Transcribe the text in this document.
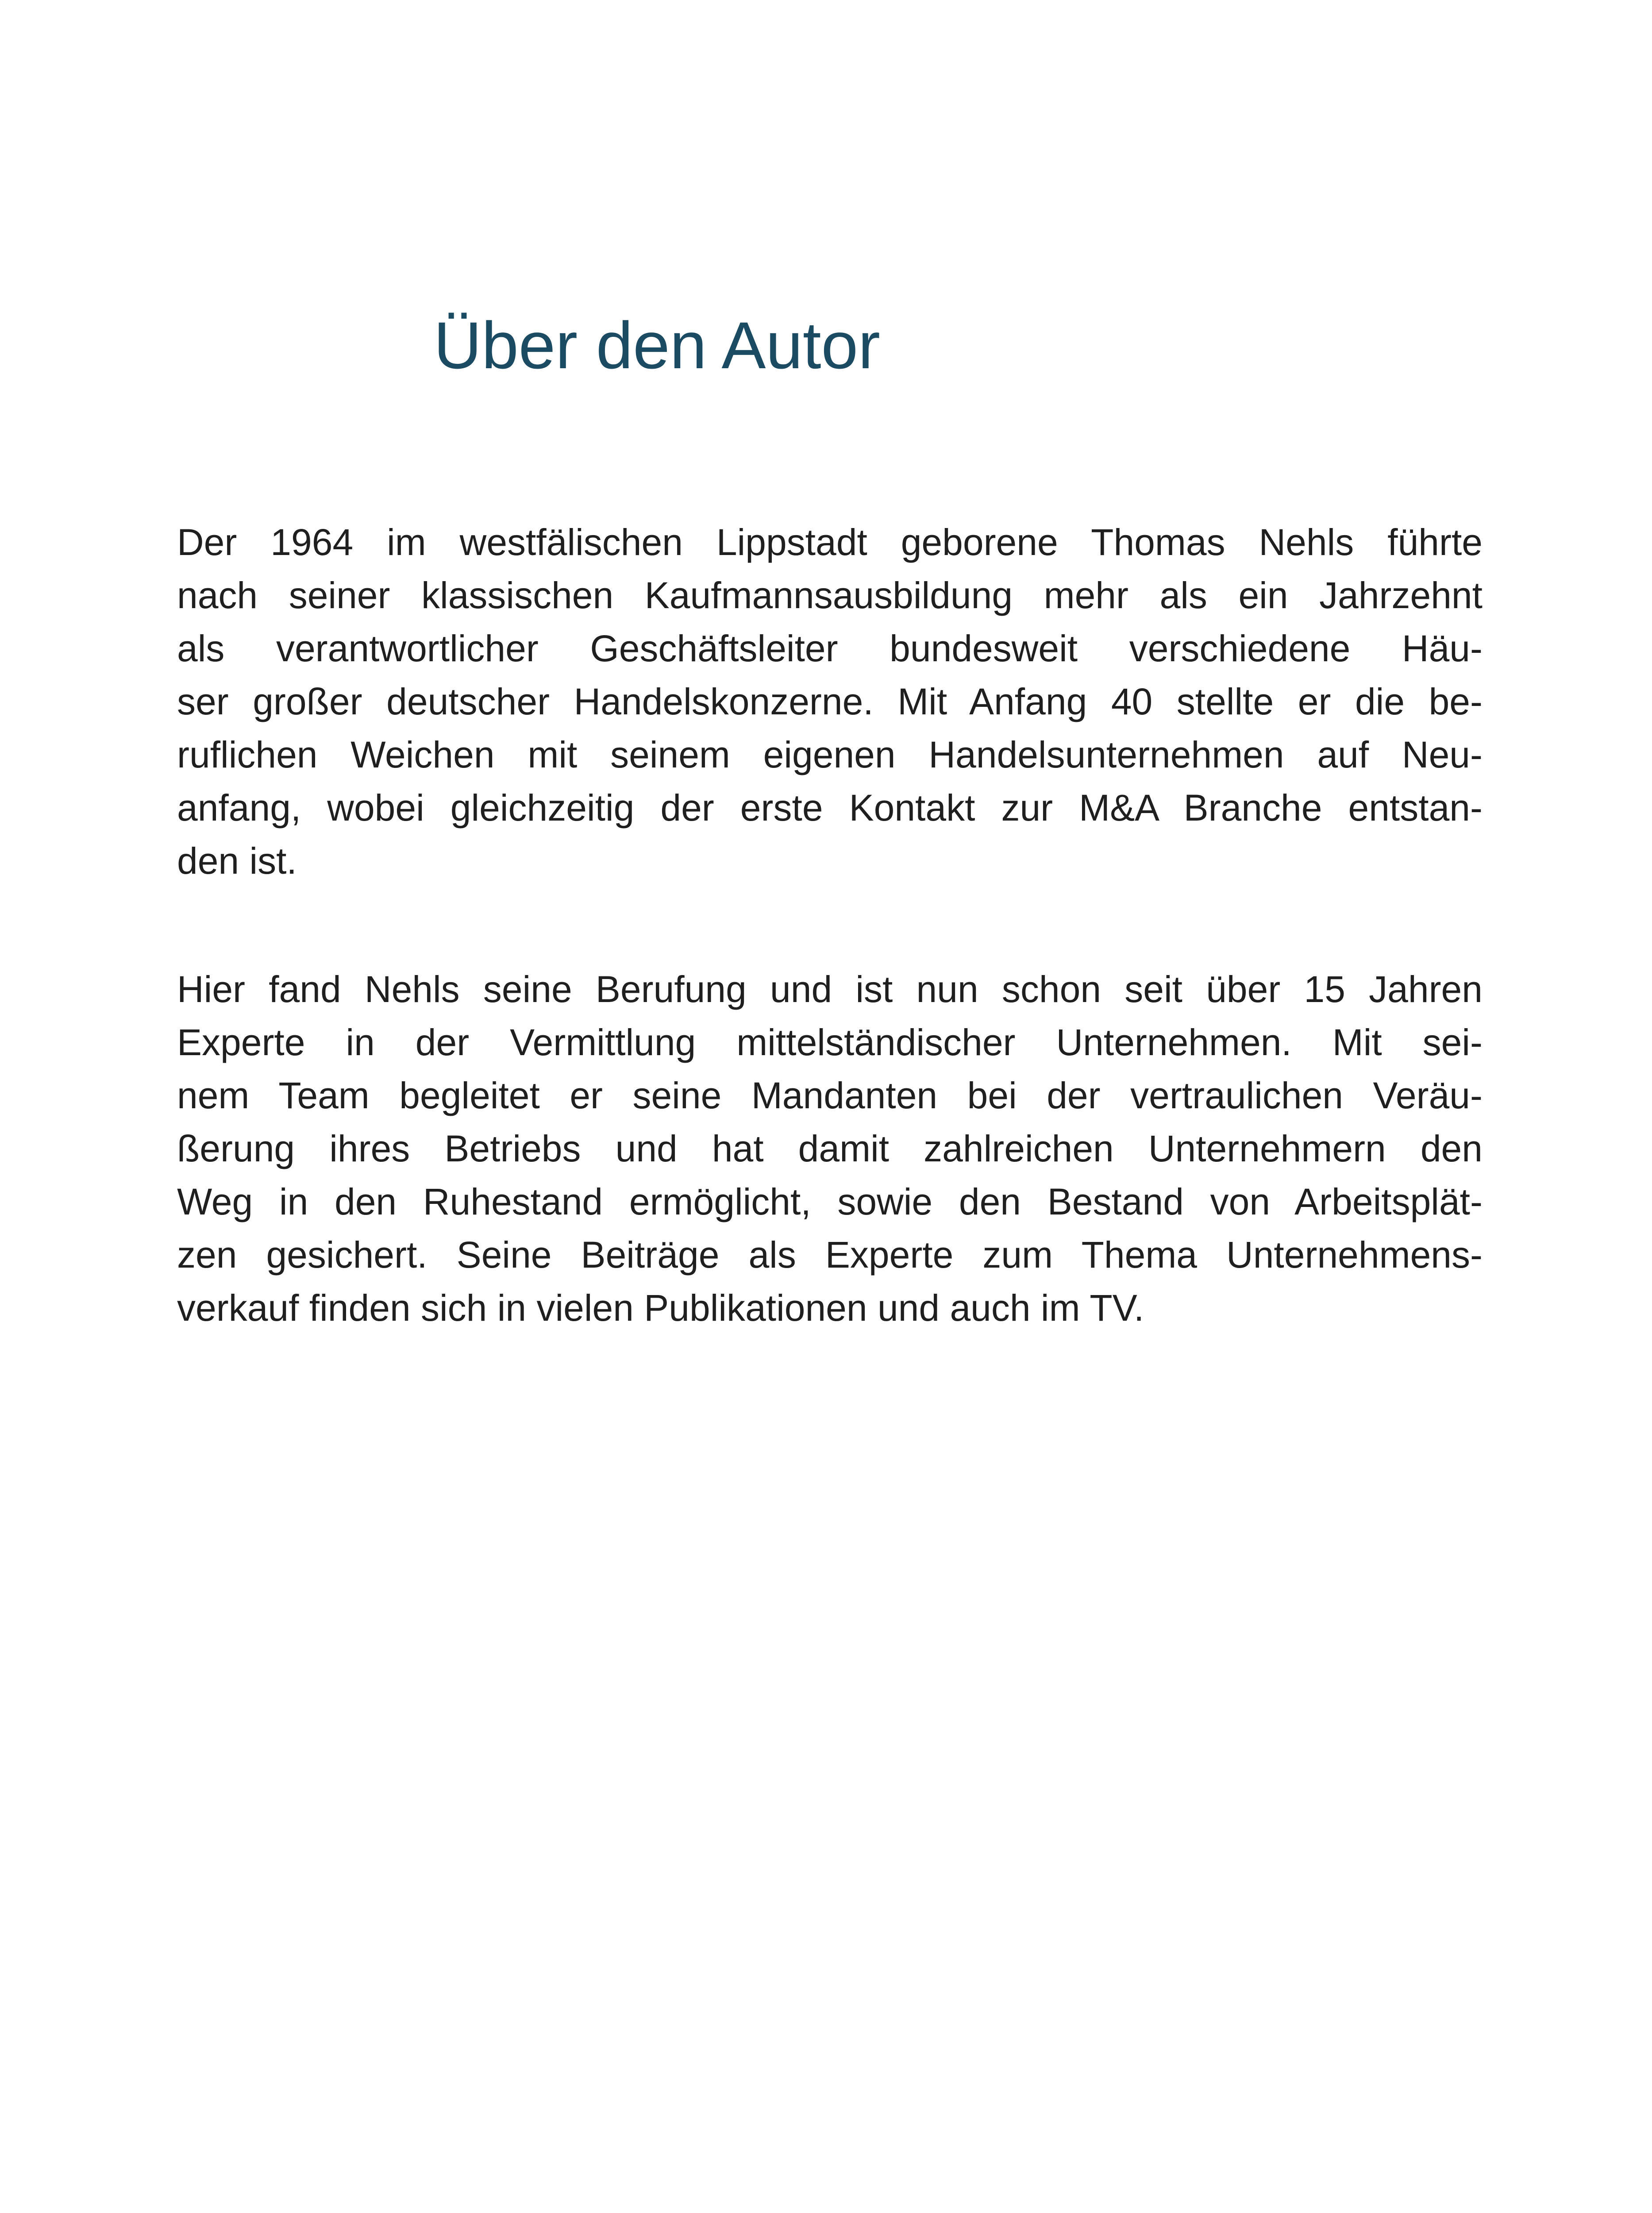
Über den Autor
Der 1964 im westfälischen Lippstadt geborene Thomas Nehls führte
nach seiner klassischen Kaufmannsausbildung mehr als ein Jahrzehnt
als verantwortlicher Geschäftsleiter bundesweit verschiedene Häu-
ser großer deutscher Handelskonzerne. Mit Anfang 40 stellte er die be-
ruflichen Weichen mit seinem eigenen Handelsunternehmen auf Neu-
anfang, wobei gleichzeitig der erste Kontakt zur M&A Branche entstan-
den ist.
Hier fand Nehls seine Berufung und ist nun schon seit über 15 Jahren
Experte in der Vermittlung mittelständischer Unternehmen. Mit sei-
nem Team begleitet er seine Mandanten bei der vertraulichen Veräu-
ßerung ihres Betriebs und hat damit zahlreichen Unternehmern den
Weg in den Ruhestand ermöglicht, sowie den Bestand von Arbeitsplät-
zen gesichert. Seine Beiträge als Experte zum Thema Unternehmens-
verkauf finden sich in vielen Publikationen und auch im TV.
